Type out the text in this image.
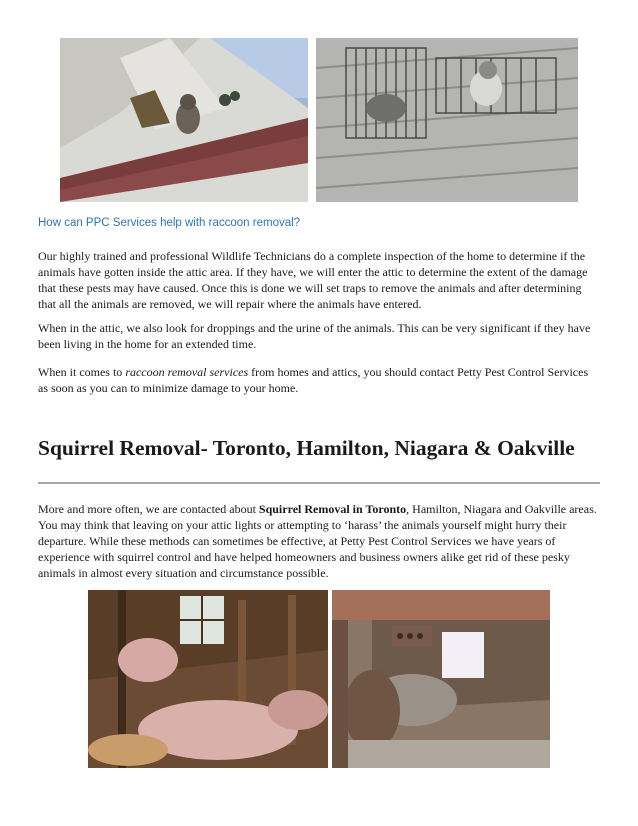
How can PPC Services help with raccoon removal?

Our highly trained and professional Wildlife Technicians do a complete inspection of the home to determine if the animals have gotten inside the attic area. If they have, we will enter the attic to determine the extent of the damage that these pests may have caused. Once this is done we will set traps to remove the animals and after determining that all the animals are removed, we will repair where the animals have entered.

When in the attic, we also look for droppings and the urine of the animals. This can be very significant if they have been living in the home for an extended time.

When it comes to raccoon removal services from homes and attics, you should contact Petty Pest Control Services as soon as you can to minimize damage to your home.

Squirrel Removal- Toronto, Hamilton, Niagara & Oakville

More and more often, we are contacted about Squirrel Removal in Toronto, Hamilton, Niagara and Oakville areas. You may think that leaving on your attic lights or attempting to ‘harass’ the animals yourself might hurry their departure. While these methods can sometimes be effective, at Petty Pest Control Services we have years of experience with squirrel control and have helped homeowners and business owners alike get rid of these pesky animals in almost every situation and circumstance possible.
